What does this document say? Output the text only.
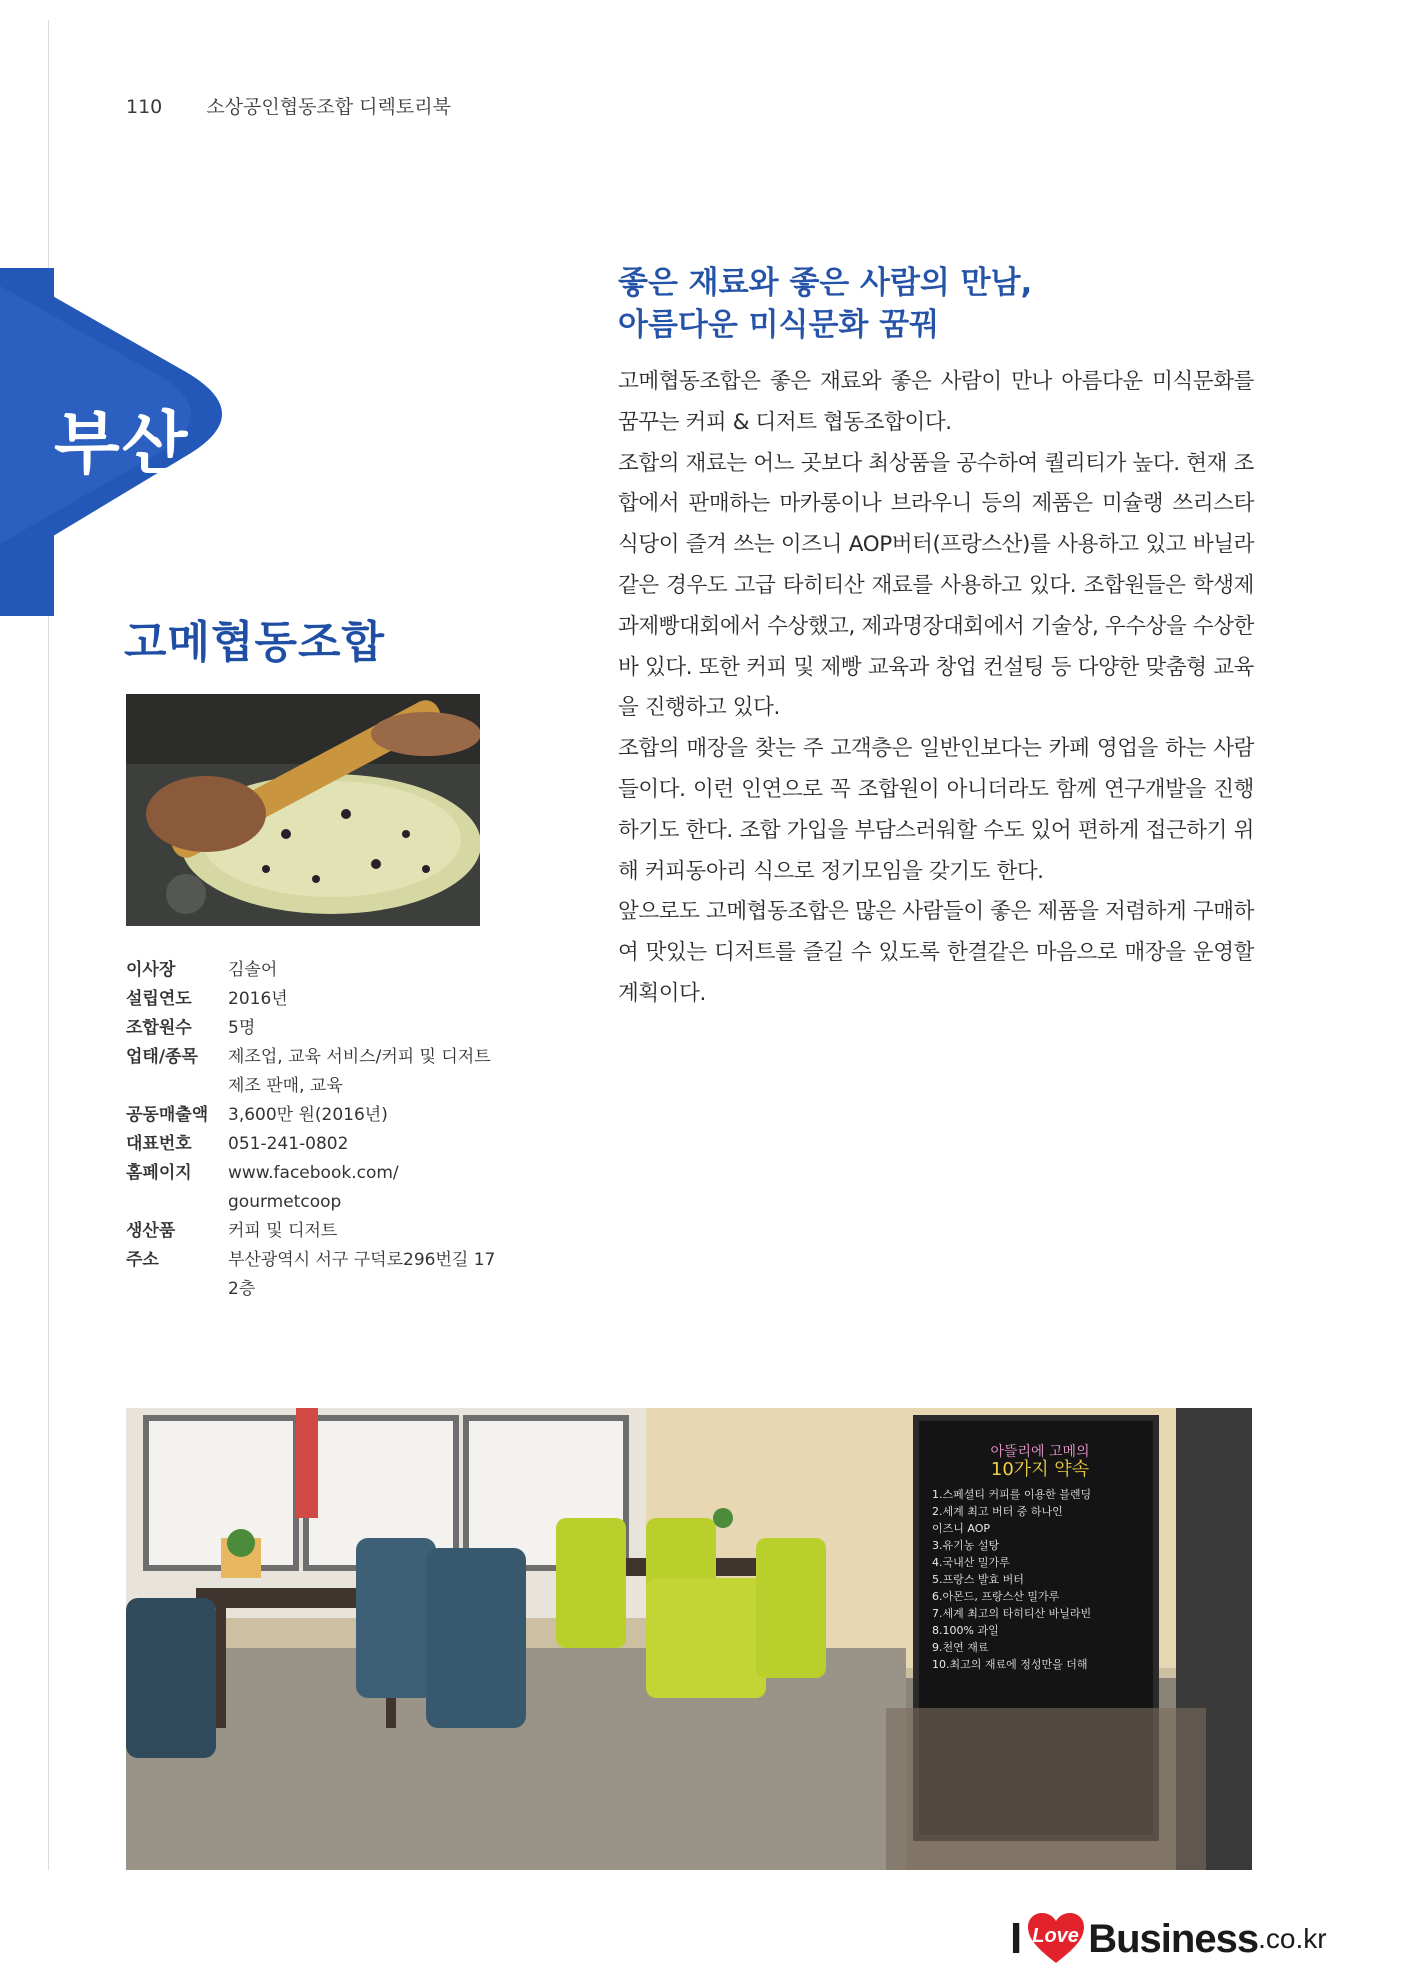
110 소상공인협동조합 디렉토리북
부산
고메협동조합
이사장	김솔어
설립연도	2016년
조합원수	5명
업태/종목	제조업, 교육 서비스/커피 및 디저트
제조 판매, 교육
공동매출액	3,600만 원(2016년)
대표번호	051-241-0802
홈페이지	www.facebook.com/
gourmetcoop
생산품	커피 및 디저트
주소	부산광역시 서구 구덕로296번길 17
2층
좋은 재료와 좋은 사람의 만남,
아름다운 미식문화 꿈꿔

고메협동조합은 좋은 재료와 좋은 사람이 만나 아름다운 미식문화를 꿈꾸는 커피 & 디저트 협동조합이다.

조합의 재료는 어느 곳보다 최상품을 공수하여 퀄리티가 높다. 현재 조합에서 판매하는 마카롱이나 브라우니 등의 제품은 미슐랭 쓰리스타 식당이 즐겨 쓰는 이즈니 AOP버터(프랑스산)를 사용하고 있고 바닐라 같은 경우도 고급 타히티산 재료를 사용하고 있다. 조합원들은 학생제과제빵대회에서 수상했고, 제과명장대회에서 기술상, 우수상을 수상한 바 있다. 또한 커피 및 제빵 교육과 창업 컨설팅 등 다양한 맞춤형 교육을 진행하고 있다.

조합의 매장을 찾는 주 고객층은 일반인보다는 카페 영업을 하는 사람들이다. 이런 인연으로 꼭 조합원이 아니더라도 함께 연구개발을 진행하기도 한다. 조합 가입을 부담스러워할 수도 있어 편하게 접근하기 위해 커피동아리 식으로 정기모임을 갖기도 한다.

앞으로도 고메협동조합은 많은 사람들이 좋은 제품을 저렴하게 구매하여 맛있는 디저트를 즐길 수 있도록 한결같은 마음으로 매장을 운영할 계획이다.

아뜰리에 고메의
10가지 약속
1.스페셜티 커피를 이용한 블렌딩
2.세계 최고 버터 중 하나인
이즈니 AOP
3.유기농 설탕
4.국내산 밀가루
5.프랑스 발효 버터
6.아몬드, 프랑스산 밀가루
7.세계 최고의 타히티산 바닐라빈
8.100% 과일
9.천연 재료
10.최고의 재료에 정성만을 더해
I Love Business .co.kr
